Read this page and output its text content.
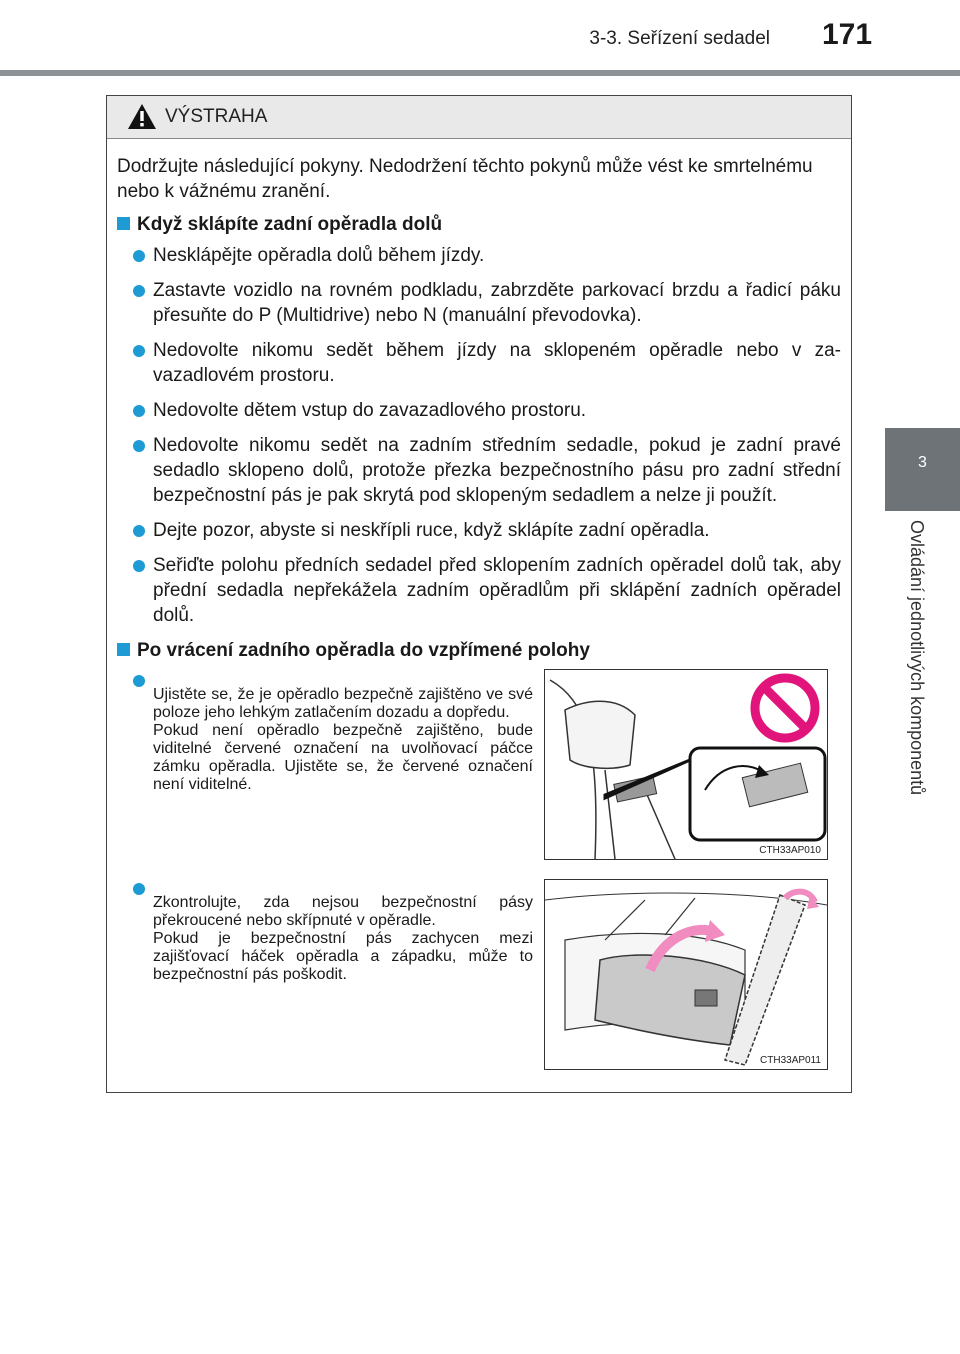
3-3. Seřízení sedadel 171
3
Ovládání jednotlivých komponentů
VÝSTRAHA

Dodržujte následující pokyny. Nedodržení těchto pokynů může vést ke smrtelnému nebo k vážnému zranění.

Když sklápíte zadní opěradla dolů
Nesklápějte opěradla dolů během jízdy.
Zastavte vozidlo na rovném podkladu, zabrzděte parkovací brzdu a řadicí páku přesuňte do P (Multidrive) nebo N (manuální převodovka).
Nedovolte nikomu sedět během jízdy na sklopeném opěradle nebo v zavazadlovém prostoru.
Nedovolte dětem vstup do zavazadlového prostoru.
Nedovolte nikomu sedět na zadním středním sedadle, pokud je zadní pravé sedadlo sklopeno dolů, protože přezka bezpečnostního pásu pro zadní střední bezpečnostní pás je pak skrytá pod sklopeným sedadlem a nelze ji použít.
Dejte pozor, abyste si neskřípli ruce, když sklápíte zadní opěradla.
Seřiďte polohu předních sedadel před sklopením zadních opěradel dolů tak, aby přední sedadla nepřekážela zadním opěradlům při sklápění zadních opěradel dolů.
Po vrácení zadního opěradla do vzpřímené polohy

Ujistěte se, že je opěradlo bezpečně zajištěno ve své poloze jeho lehkým zatlačením dozadu a dopředu.
Pokud není opěradlo bezpečně zajištěno, bude viditelné červené označení na uvolňovací páčce zámku opěradla. Ujistěte se, že červené označení není viditelné.

Zkontrolujte, zda nejsou bezpečnostní pásy překroucené nebo skřípnuté v opěradle.
Pokud je bezpečnostní pás zachycen mezi zajišťovací háček opěradla a západku, může to bezpečnostní pás poškodit.

CTH33AP010
CTH33AP011
